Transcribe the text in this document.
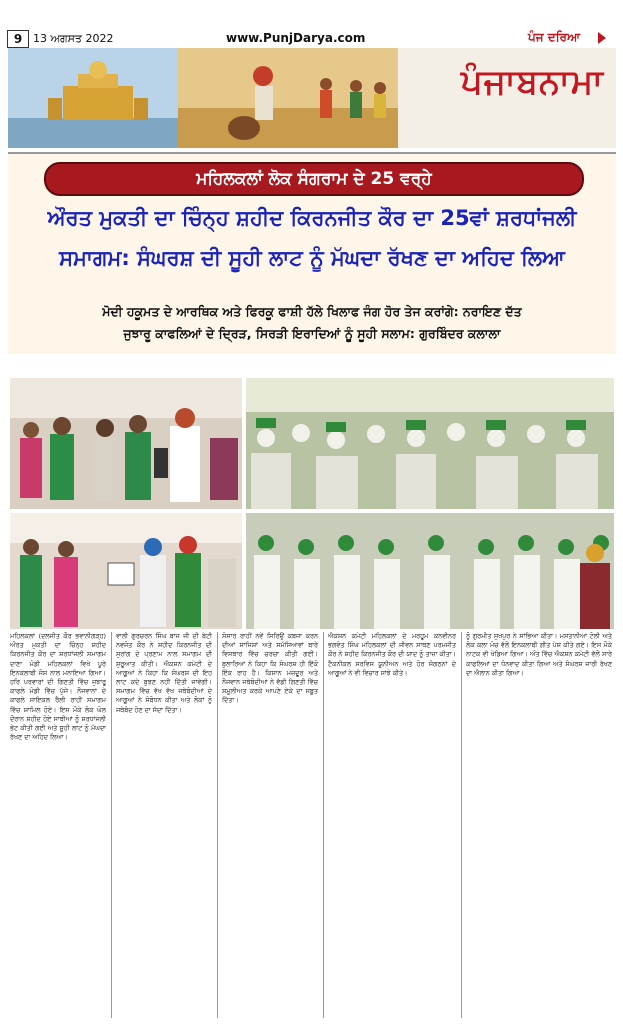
9 13 ਅਗਸਤ 2022	www.PunjDarya.com	ਪੰਜ ਦਰਿਆ
ਪੰਜਾਬਨਾਮਾ
ਮਹਿਲਕਲਾਂ ਲੋਕ ਸੰਗਰਾਮ ਦੇ 25 ਵਰ੍ਹੇ
ਔਰਤ ਮੁਕਤੀ ਦਾ ਚਿੰਨ੍ਹ ਸ਼ਹੀਦ ਕਿਰਨਜੀਤ ਕੌਰ ਦਾ 25ਵਾਂ ਸ਼ਰਧਾਂਜਲੀ
ਸਮਾਗਮ: ਸੰਘਰਸ਼ ਦੀ ਸੂਹੀ ਲਾਟ ਨੂੰ ਮੱਘਦਾ ਰੱਖਣ ਦਾ ਅਹਿਦ ਲਿਆ
ਮੋਦੀ ਹਕੂਮਤ ਦੇ ਆਰਥਿਕ ਅਤੇ ਫਿਰਕੂ ਫਾਸ਼ੀ ਹੱਲੇ ਖਿਲਾਫ ਜੰਗ ਹੋਰ ਤੇਜ ਕਰਾਂਗੇ: ਨਰਾਇਣ ਦੱਤ
ਜੁਝਾਰੂ ਕਾਫਲਿਆਂ ਦੇ ਦ੍ਰਿੜ, ਸਿਰੜੀ ਇਰਾਦਿਆਂ ਨੂੰ ਸੂਹੀ ਸਲਾਮ: ਗੁਰਬਿੰਦਰ ਕਲਾਲਾ

ਮਹਿਲਕਲਾਂ (ਦਲਜੀਤ ਕੌਰ ਭਵਾਨੀਗੜ੍ਹ) ਔਰਤ ਮੁਕਤੀ ਦਾ ਚਿੰਨ੍ਹ ਸ਼ਹੀਦ ਕਿਰਨਜੀਤ ਕੌਰ ਦਾ ਸ਼ਰਧਾਂਜਲੀ ਸਮਾਗਮ ਦਾਣਾ ਮੰਡੀ ਮਹਿਲਕਲਾਂ ਵਿਖੇ ਪੂਰੇ ਇਨਕਲਾਬੀ ਜੋਸ਼ ਨਾਲ ਮਨਾਇਆ ਗਿਆ। ਹਰਿ ਪਰਵਾਰਾਂ ਦੀ ਗਿਣਤੀ ਵਿੱਚ ਜੁਝਾਰੂ ਕਾਫਲੇ ਮੰਡੀ ਵਿੱਚ ਪੁੱਜੇ। ਨੌਜਵਾਨਾਂ ਦੇ ਕਾਫਲੇ ਸਾਇਕਲ ਰੈਲੀ ਰਾਹੀਂ ਸਮਾਗਮ ਵਿੱਚ ਸ਼ਾਮਿਲ ਹੋਏ। ਇਸ ਮੌਕੇ ਲੋਕ ਘੋਲ ਦੌਰਾਨ ਸ਼ਹੀਦ ਹੋਏ ਸਾਥੀਆਂ ਨੂੰ ਸ਼ਰਧਾਂਜਲੀ ਭੇਟ ਕੀਤੀ ਗਈ ਅਤੇ ਸੂਹੀ ਲਾਟ ਨੂੰ ਮੱਘਦਾ ਰੱਖਣ ਦਾ ਅਹਿਦ ਲਿਆ।

ਵਾਲੀ ਗੁਰਚਰਨ ਸਿੰਘ ਬਾਜ ਜੀ ਦੀ ਬੇਟੀ ਨਵਜੋਤ ਕੌਰ ਨੇ ਸ਼ਹੀਦ ਕਿਰਨਜੀਤ ਦੀ ਸੁਰਾਂਗ ਦੇ ਪ੍ਰਣਾਮ ਨਾਲ ਸਮਾਗਮ ਦੀ ਸ਼ੁਰੂਆਤ ਕੀਤੀ। ਐਕਸ਼ਨ ਕਮੇਟੀ ਦੇ ਆਗੂਆਂ ਨੇ ਕਿਹਾ ਕਿ ਸੰਘਰਸ਼ ਦੀ ਇਹ ਲਾਟ ਕਦੇ ਬੁਝਣ ਨਹੀਂ ਦਿੱਤੀ ਜਾਵੇਗੀ। ਸਮਾਗਮ ਵਿੱਚ ਵੱਖ ਵੱਖ ਜਥੇਬੰਦੀਆਂ ਦੇ ਆਗੂਆਂ ਨੇ ਸੰਬੋਧਨ ਕੀਤਾ ਅਤੇ ਲੋਕਾਂ ਨੂੰ ਜਥੇਬੰਦ ਹੋਣ ਦਾ ਸੱਦਾ ਦਿੱਤਾ।

ਸੰਸਾਰ ਰਾਹੀਂ ਨਵੇਂ ਸਿਰਿਉਂ ਕਬਜਾ ਕਰਨ ਦੀਆਂ ਸਾਜਿਸ਼ਾਂ ਅਤੇ ਸਮੱਸਿਆਵਾਂ ਬਾਰੇ ਵਿਸਥਾਰ ਵਿੱਚ ਚਰਚਾ ਕੀਤੀ ਗਈ। ਬੁਲਾਰਿਆਂ ਨੇ ਕਿਹਾ ਕਿ ਸੰਘਰਸ਼ ਹੀ ਇੱਕੋ ਇੱਕ ਰਾਹ ਹੈ। ਕਿਸਾਨ ਮਜ਼ਦੂਰ ਅਤੇ ਨੌਜਵਾਨ ਜਥੇਬੰਦੀਆਂ ਨੇ ਵੱਡੀ ਗਿਣਤੀ ਵਿੱਚ ਸ਼ਮੂਲੀਅਤ ਕਰਕੇ ਆਪਣੇ ਏਕੇ ਦਾ ਸਬੂਤ ਦਿੱਤਾ।

ਐਕਸ਼ਨ ਕਮੇਟੀ ਮਹਿਲਕਲਾਂ ਦੇ ਮਰਹੂਮ ਕਨਵੀਨਰ ਭਗਵੰਤ ਸਿੰਘ ਮਹਿਲਕਲਾਂ ਦੀ ਜੀਵਨ ਸਾਥਣ ਪਰਮਜੀਤ ਕੌਰ ਨੇ ਸ਼ਹੀਦ ਕਿਰਨਜੀਤ ਕੌਰ ਦੀ ਯਾਦ ਨੂੰ ਤਾਜ਼ਾ ਕੀਤਾ। ਟੈਕਨੀਕਲ ਸਰਵਿਸ ਯੂਨੀਅਨ ਅਤੇ ਹੋਰ ਸੰਗਠਨਾਂ ਦੇ ਆਗੂਆਂ ਨੇ ਵੀ ਵਿਚਾਰ ਸਾਂਝੇ ਕੀਤੇ।

ਨੂੰ ਗੁਰਮੀਤ ਸੁਖਪੁਰ ਨੇ ਸਾਂਭਿਆ ਕੀਤਾ। ਮਸਤਾਨੀਆਂ ਟੋਲੀ ਅਤੇ ਲੋਕ ਕਲਾ ਮੰਚ ਵੱਲੋਂ ਇਨਕਲਾਬੀ ਗੀਤ ਪੇਸ਼ ਕੀਤੇ ਗਏ। ਇਸ ਮੌਕੇ ਨਾਟਕ ਵੀ ਖੇਡਿਆ ਗਿਆ। ਅੰਤ ਵਿੱਚ ਐਕਸ਼ਨ ਕਮੇਟੀ ਵੱਲੋਂ ਸਾਰੇ ਕਾਫਲਿਆਂ ਦਾ ਧੰਨਵਾਦ ਕੀਤਾ ਗਿਆ ਅਤੇ ਸੰਘਰਸ਼ ਜਾਰੀ ਰੱਖਣ ਦਾ ਐਲਾਨ ਕੀਤਾ ਗਿਆ।
